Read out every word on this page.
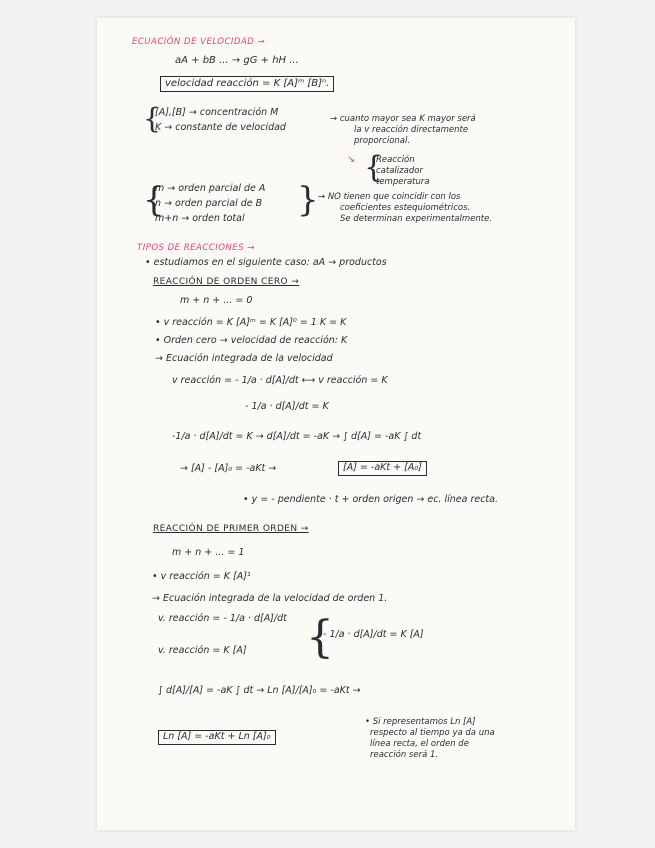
ECUACIÓN DE VELOCIDAD →
aA + bB ... → gG + hH ...
velocidad reacción = K [A]ᵐ [B]ⁿ.
{
[A],[B] → concentración M
K → constante de velocidad
→ cuanto mayor sea K mayor será
la v reacción directamente
proporcional.
↘ {
Reacción
catalizador
temperatura
{
m → orden parcial de A
n → orden parcial de B
m+n → orden total } → NO tienen que coincidir con los
coeficientes estequiométricos.
Se determinan experimentalmente.
TIPOS DE REACCIONES →
• estudiamos en el siguiente caso: aA → productos
REACCIÓN DE ORDEN CERO →
m + n + ... = 0
• v reacción = K [A]ᵐ = K [A]⁰ = 1 K = K
• Orden cero → velocidad de reacción: K
→ Ecuación integrada de la velocidad
v reacción = - 1/a · d[A]/dt ⟷ v reacción = K
- 1/a · d[A]/dt = K
-1/a · d[A]/dt = K → d[A]/dt = -aK → ∫ d[A] = -aK ∫ dt
→ [A] - [A]₀ = -aKt →	[A] = -aKt + [A₀]
• y = - pendiente · t + orden origen → ec. línea recta.
REACCIÓN DE PRIMER ORDEN →
m + n + ... = 1
• v reacción = K [A]¹
→ Ecuación integrada de la velocidad de orden 1.
v. reacción = - 1/a · d[A]/dt
v. reacción = K [A] {
- 1/a · d[A]/dt = K [A]
∫ d[A]/[A] = -aK ∫ dt → Ln [A]/[A]₀ = -aKt →
Ln [A] = -aKt + Ln [A]₀
• Si representamos Ln [A]
respecto al tiempo ya da una
línea recta, el orden de
reacción será 1.
